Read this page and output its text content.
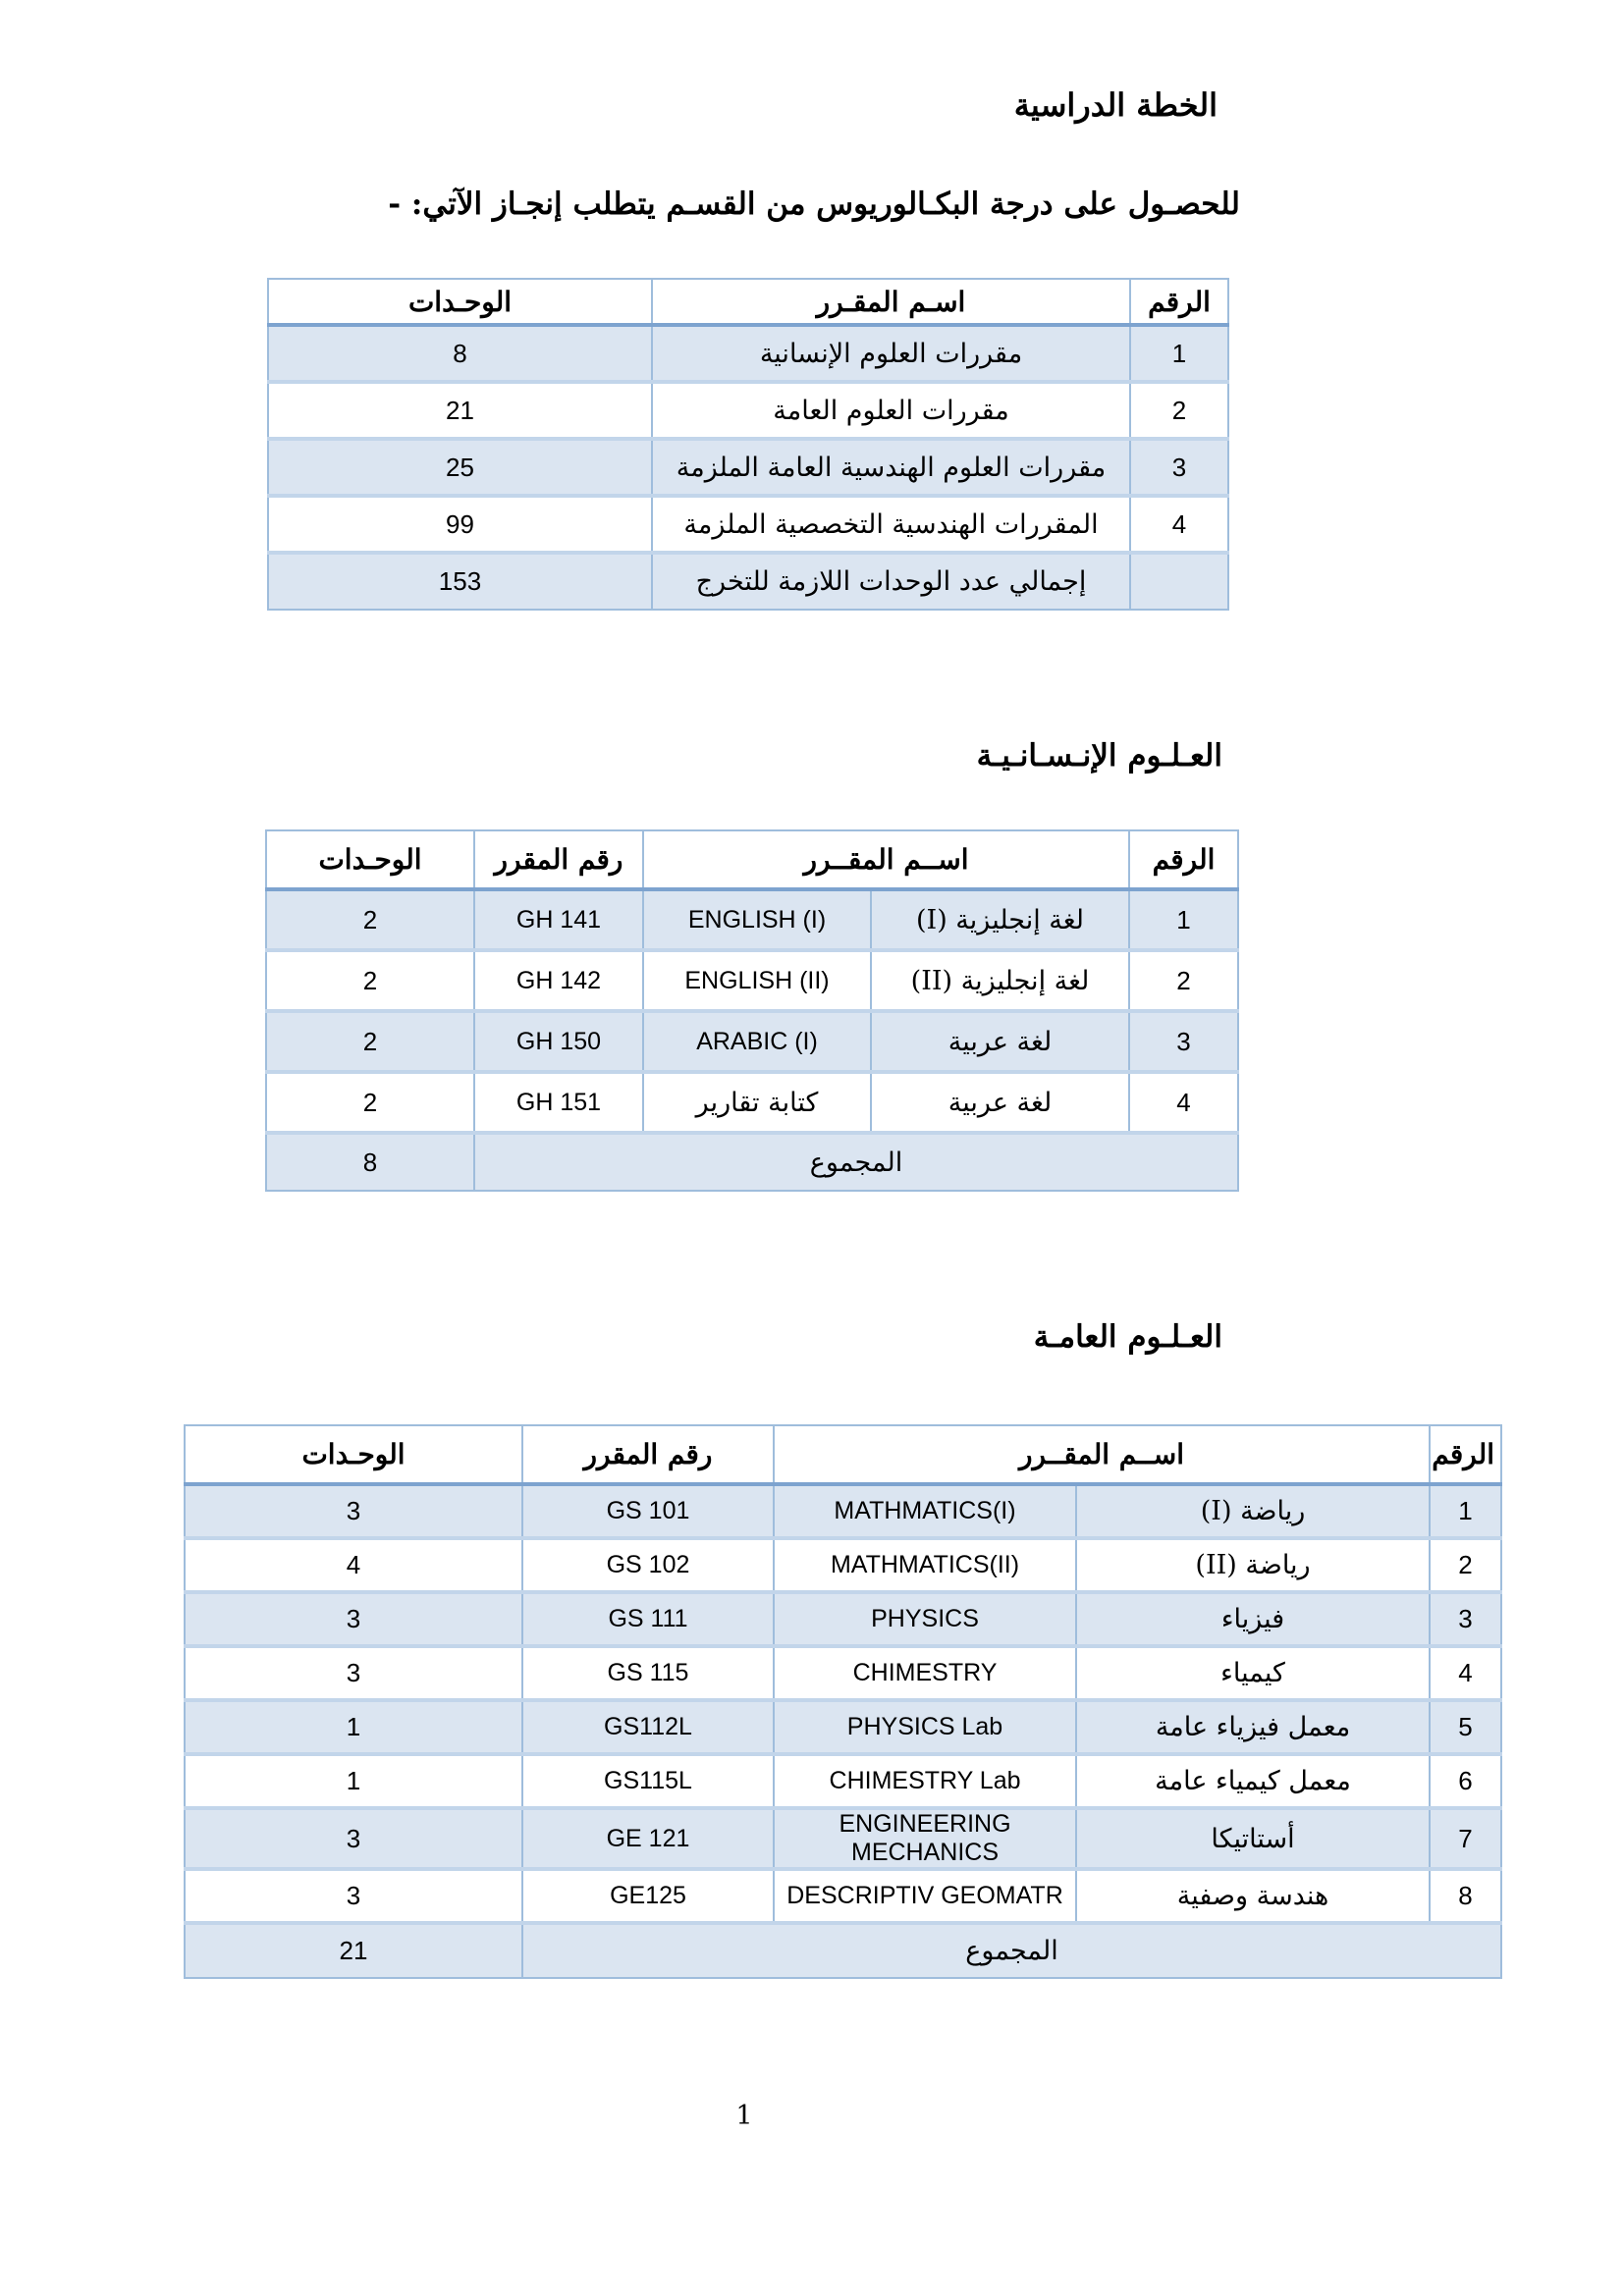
الخطة الدراسية

للحصـول على درجة البكـالوريوس من القسـم يتطلب إنجـاز الآتي: -

الرقم	اسـم المقـرر	الوحـدات
1	مقررات العلوم الإنسانية	8
2	مقررات العلوم العامة	21
3	مقررات العلوم الهندسية العامة الملزمة	25
4	المقررات الهندسية التخصصية الملزمة	99
	إجمالي عدد الوحدات اللازمة للتخرج	153
العـلـوم الإنـسـانـيـة
الرقم	اســم المقــرر		رقم المقرر	الوحـدات
1	لغة إنجليزية (I)	ENGLISH (I)	GH 141	2
2	لغة إنجليزية (II)	ENGLISH (II)	GH 142	2
3	لغة عربية	ARABIC (I)	GH 150	2
4	لغة عربية	كتابة تقارير	GH 151	2
المجموع				8
العـلـوم العامـة
الرقم	اســم المقــرر		رقم المقرر	الوحـدات
1	رياضة (I)	MATHMATICS(I)	GS 101	3
2	رياضة (II)	MATHMATICS(II)	GS 102	4
3	فيزياء	PHYSICS	GS 111	3
4	كيمياء	CHIMESTRY	GS 115	3
5	معمل فيزياء عامة	PHYSICS Lab	GS112L	1
6	معمل كيمياء عامة	CHIMESTRY Lab	GS115L	1
7	أستاتيكا	ENGINEERING MECHANICS	GE 121	3
8	هندسة وصفية	DESCRIPTIV GEOMATR	GE125	3
المجموع				21
1
